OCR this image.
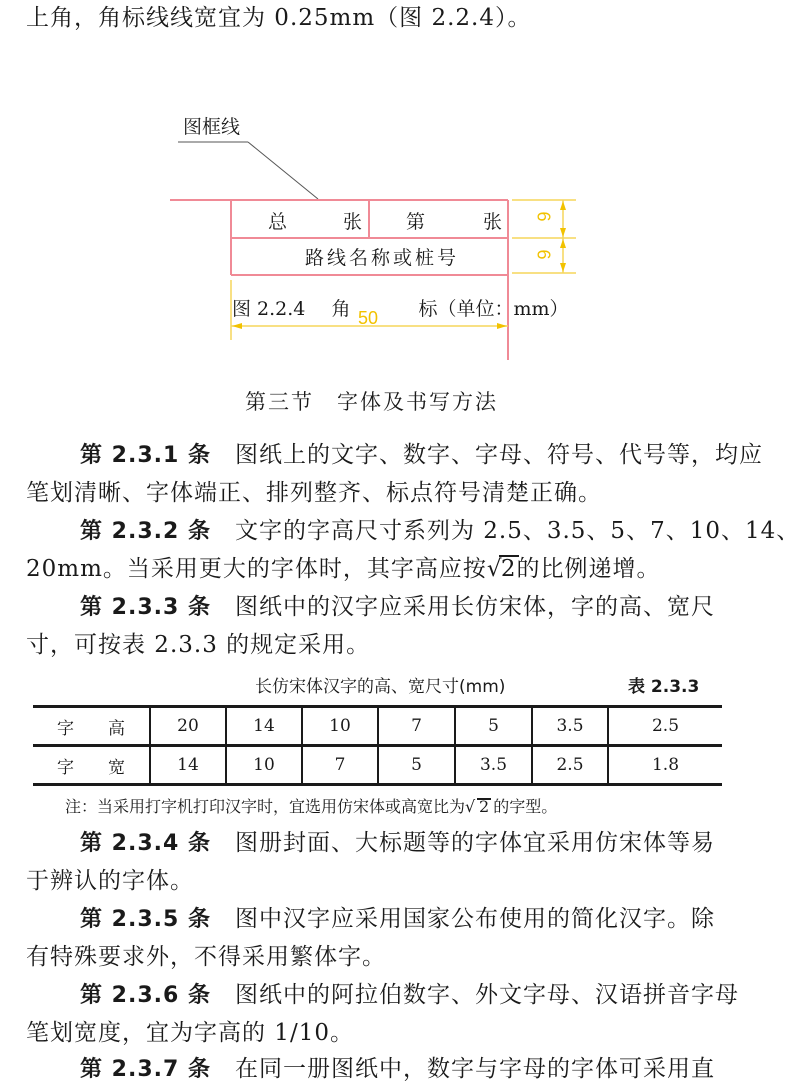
上角，角标线线宽宜为 0.25mm（图 2.2.4）。
图框线
总	张 第	张
路线名称或桩号
6
6
50
图 2.2.4 角	标（单位：mm）
第三节　字体及书写方法
第 2.3.1 条 图纸上的文字、数字、字母、符号、代号等，均应
笔划清晰、字体端正、排列整齐、标点符号清楚正确。
第 2.3.2 条 文字的字高尺寸系列为 2.5、3.5、5、7、10、14、
20mm。当采用更大的字体时，其字高应按 √
2的比例递增。
第 2.3.3 条 图纸中的汉字应采用长仿宋体，字的高、宽尺
寸，可按表 2.3.3 的规定采用。
长仿宋体汉字的高、宽尺寸(mm)	表 2.3.3
字 高	20	14	10	7	5	3.5	2.5

字 宽	14	10	7	5	3.5	2.5	1.8
注：当采用打字机打印汉字时，宜选用仿宋体或高宽比为 √ 2 的字型。
第 2.3.4 条 图册封面、大标题等的字体宜采用仿宋体等易
于辨认的字体。
第 2.3.5 条 图中汉字应采用国家公布使用的简化汉字。除
有特殊要求外，不得采用繁体字。
第 2.3.6 条 图纸中的阿拉伯数字、外文字母、汉语拼音字母
笔划宽度，宜为字高的 1/10。
第 2.3.7 条 在同一册图纸中，数字与字母的字体可采用直
